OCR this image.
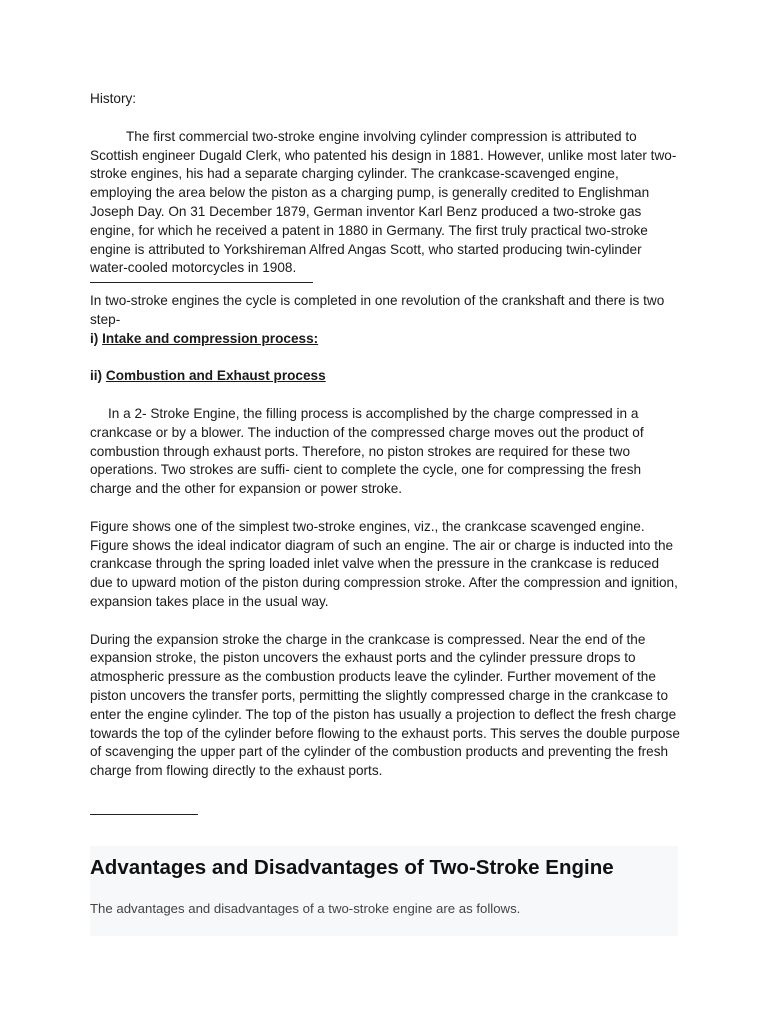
History:

The first commercial two-stroke engine involving cylinder compression is attributed to Scottish engineer Dugald Clerk, who patented his design in 1881. However, unlike most later two-stroke engines, his had a separate charging cylinder. The crankcase-scavenged engine, employing the area below the piston as a charging pump, is generally credited to Englishman Joseph Day. On 31 December 1879, German inventor Karl Benz produced a two-stroke gas engine, for which he received a patent in 1880 in Germany. The first truly practical two-stroke engine is attributed to Yorkshireman Alfred Angas Scott, who started producing twin-cylinder water-cooled motorcycles in 1908.

In two-stroke engines the cycle is completed in one revolution of the crankshaft and there is two step-

i) Intake and compression process:

ii) Combustion and Exhaust process

In a 2- Stroke Engine, the filling process is accomplished by the charge compressed in a crankcase or by a blower. The induction of the compressed charge moves out the product of combustion through exhaust ports. Therefore, no piston strokes are required for these two operations. Two strokes are suffi- cient to complete the cycle, one for compressing the fresh charge and the other for expansion or power stroke.

Figure shows one of the simplest two-stroke engines, viz., the crankcase scavenged engine. Figure shows the ideal indicator diagram of such an engine. The air or charge is inducted into the crankcase through the spring loaded inlet valve when the pressure in the crankcase is reduced due to upward motion of the piston during compression stroke. After the compression and ignition, expansion takes place in the usual way.

During the expansion stroke the charge in the crankcase is compressed. Near the end of the expansion stroke, the piston uncovers the exhaust ports and the cylinder pressure drops to atmospheric pressure as the combustion products leave the cylinder. Further movement of the piston uncovers the transfer ports, permitting the slightly compressed charge in the crankcase to enter the engine cylinder. The top of the piston has usually a projection to deflect the fresh charge towards the top of the cylinder before flowing to the exhaust ports. This serves the double purpose of scavenging the upper part of the cylinder of the combustion products and preventing the fresh charge from flowing directly to the exhaust ports.

Advantages and Disadvantages of Two-Stroke Engine
The advantages and disadvantages of a two-stroke engine are as follows.
